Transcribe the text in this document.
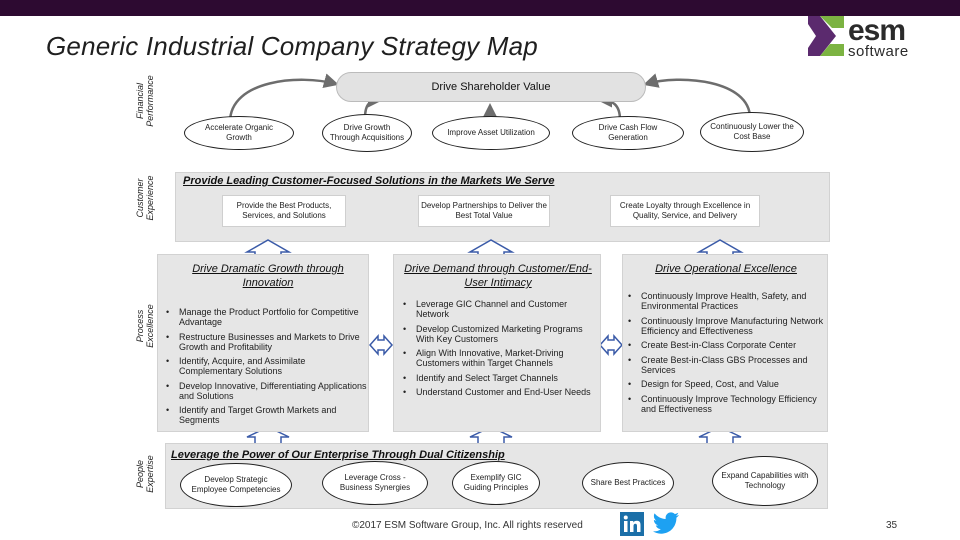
Generic Industrial Company Strategy Map	esm
software
Financial Performance
Customer Experience
Process Excellence
People Expertise
Drive Shareholder Value
Accelerate Organic Growth
Drive Growth Through Acquisitions
Improve Asset Utilization
Drive Cash Flow Generation
Continuously Lower the Cost Base
Provide Leading Customer-Focused Solutions in the Markets We Serve
Provide the Best Products, Services, and Solutions
Develop Partnerships to Deliver the Best Total Value
Create Loyalty through Excellence in Quality, Service, and Delivery
Drive Dramatic Growth through Innovation
• Manage the Product Portfolio for Competitive Advantage
• Restructure Businesses and Markets to Drive Growth and Profitability
• Identify, Acquire, and Assimilate Complementary Solutions
• Develop Innovative, Differentiating Applications and Solutions
• Identify and Target Growth Markets and Segments
Drive Demand through Customer/End-User Intimacy
• Leverage GIC Channel and Customer Network
• Develop Customized Marketing Programs With Key Customers
• Align With Innovative, Market-Driving Customers within Target Channels
• Identify and Select Target Channels
• Understand Customer and End-User Needs
Drive Operational Excellence
• Continuously Improve Health, Safety, and Environmental Practices
• Continuously Improve Manufacturing Network Efficiency and Effectiveness
• Create Best-in-Class Corporate Center
• Create Best-in-Class GBS Processes and Services
• Design for Speed, Cost, and Value
• Continuously Improve Technology Efficiency and Effectiveness
Leverage the Power of Our Enterprise Through Dual Citizenship
Develop Strategic Employee Competencies
Leverage Cross -Business Synergies
Exemplify GIC Guiding Principles
Share Best Practices
Expand Capabilities with Technology
©2017 ESM Software Group, Inc. All rights reserved
	35
